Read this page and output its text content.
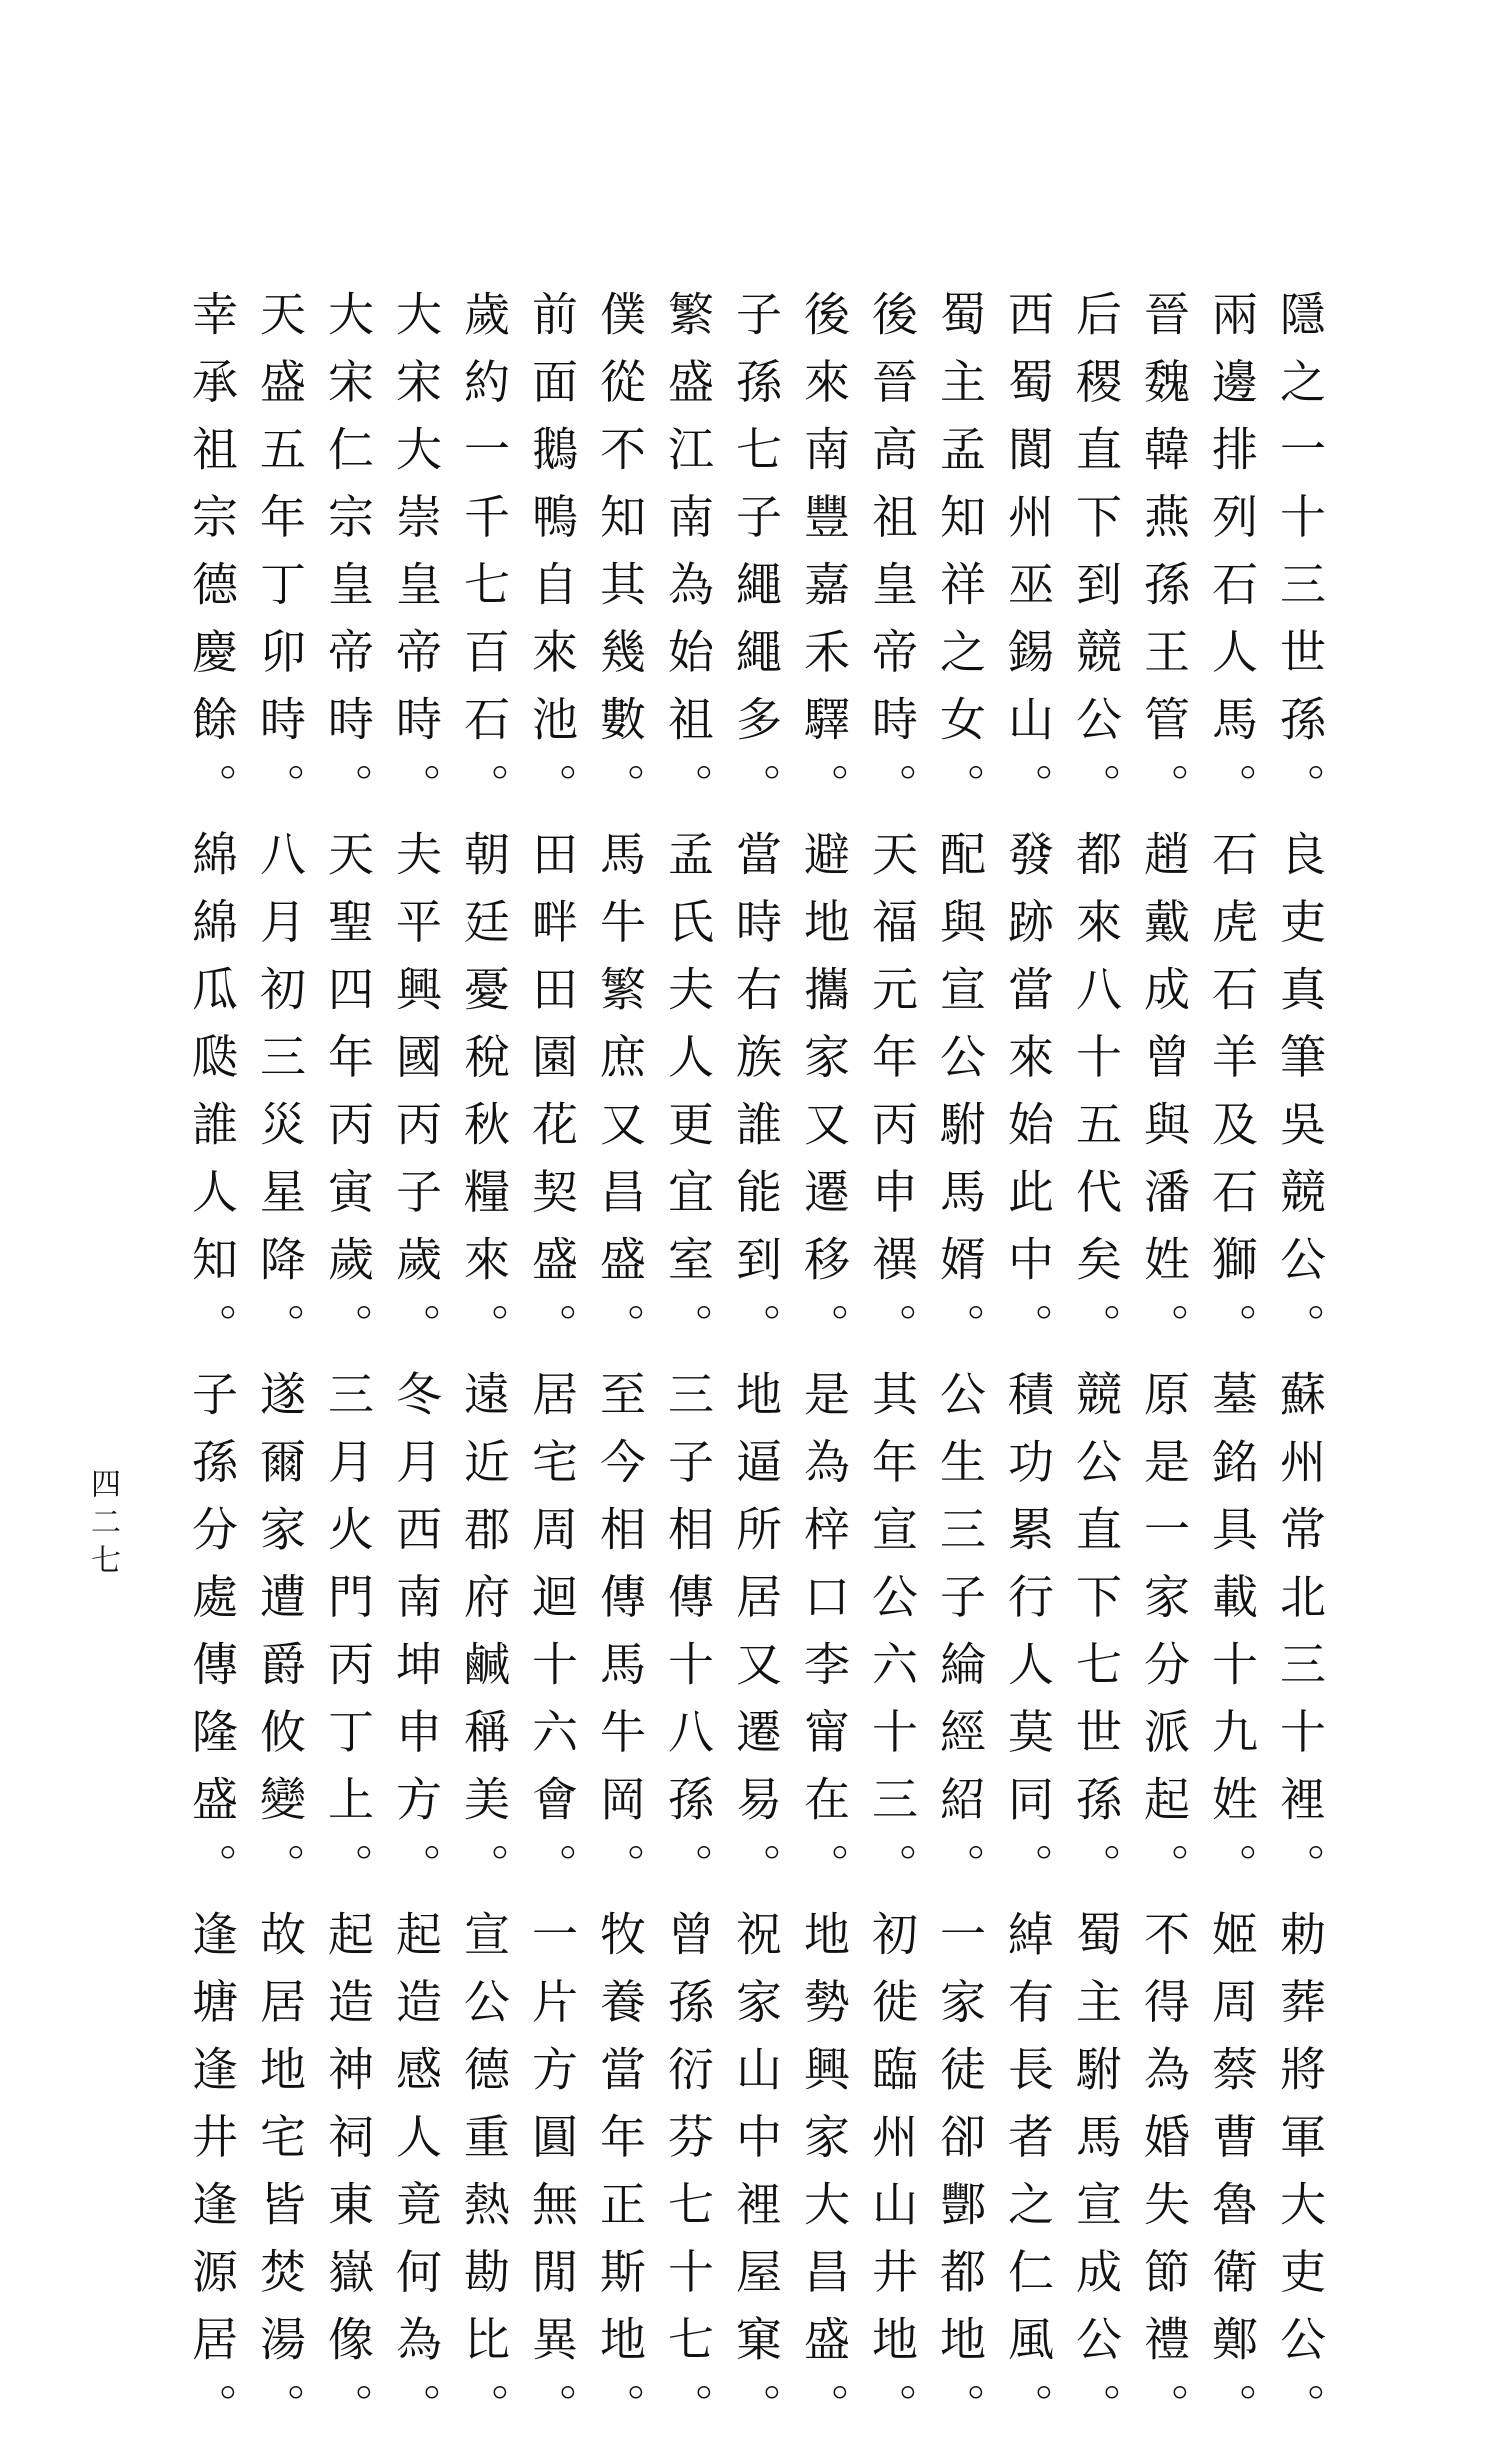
隱之一十三世孫。良吏真筆吳競公。蘇州常北三十裡。勅葬將軍大吏公。
兩邊排列石人馬。石虎石羊及石獅。墓銘具載十九姓。姬周蔡曹魯衛鄭。
晉魏韓燕孫王管。趙戴成曾與潘姓。原是一家分派起。不得為婚失節禮。
后稷直下到競公。都來八十五代矣。競公直下七世孫。蜀主駙馬宣成公。
西蜀閬州巫錫山。發跡當來始此中。積功累行人莫同。綽有長者之仁風。
蜀主孟知祥之女。配與宣公駙馬婿。公生三子綸經紹。一家徒卻酆都地。
後晉高祖皇帝時。天福元年丙申禩。其年宣公六十三。初徙臨州山井地。
後來南豐嘉禾驛。避地攜家又遷移。是為梓口李甯在。地勢興家大昌盛。
子孫七子繩繩多。當時右族誰能到。地逼所居又遷易。祝家山中裡屋窠。
繁盛江南為始祖。孟氏夫人更宜室。三子相傳十八孫。曾孫衍芬七十七。
僕從不知其幾數。馬牛繁庶又昌盛。至今相傳馬牛岡。牧養當年正斯地。
前面鵝鴨自來池。田畔田園花契盛。居宅周迴十六會。一片方圓無閒異。
歲約一千七百石。朝廷憂稅秋糧來。遠近郡府鹹稱美。宣公德重熱勘比。
大宋大崇皇帝時。夫平興國丙子歲。冬月西南坤申方。起造感人竟何為。
大宋仁宗皇帝時。天聖四年丙寅歲。三月火門丙丁上。起造神祠東嶽像。
天盛五年丁卯時。八月初三災星降。遂爾家遭爵攸變。故居地宅皆焚湯。
幸承祖宗德慶餘。綿綿瓜瓞誰人知。子孫分處傳隆盛。逢塘逢井逢源居。
四二七
